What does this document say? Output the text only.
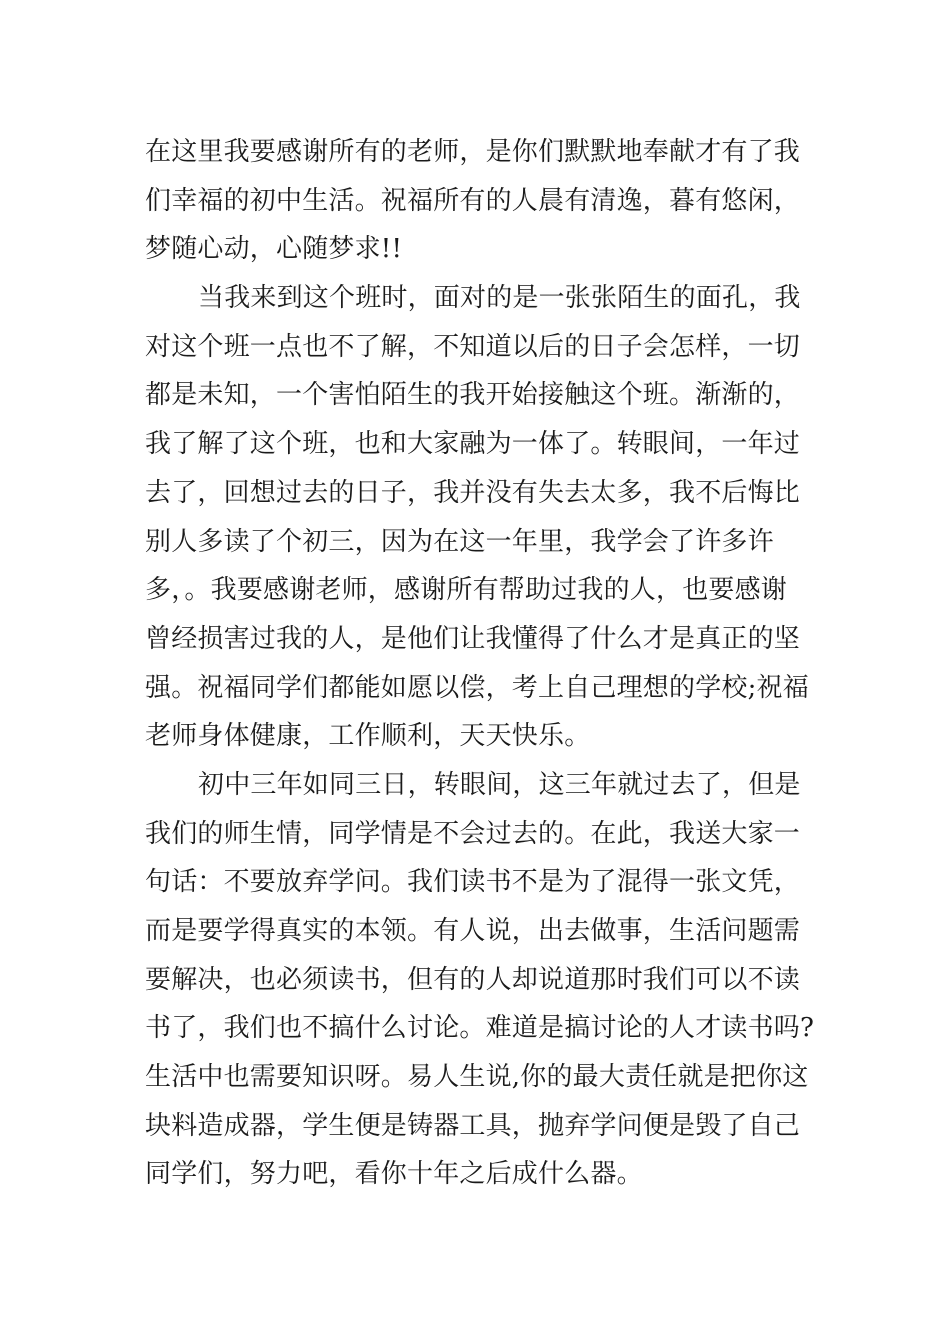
在这里我要感谢所有的老师，是你们默默地奉献才有了我
们幸福的初中生活。祝福所有的人晨有清逸，暮有悠闲，
梦随心动，心随梦求!!
当我来到这个班时，面对的是一张张陌生的面孔，我
对这个班一点也不了解，不知道以后的日子会怎样，一切
都是未知，一个害怕陌生的我开始接触这个班。渐渐的，
我了解了这个班，也和大家融为一体了。转眼间，一年过
去了，回想过去的日子，我并没有失去太多，我不后悔比
别人多读了个初三，因为在这一年里，我学会了许多许
多，。我要感谢老师，感谢所有帮助过我的人，也要感谢
曾经损害过我的人，是他们让我懂得了什么才是真正的坚
强。祝福同学们都能如愿以偿，考上自己理想的学校;祝福
老师身体健康，工作顺利，天天快乐。
初中三年如同三日，转眼间，这三年就过去了，但是
我们的师生情，同学情是不会过去的。在此，我送大家一
句话：不要放弃学问。我们读书不是为了混得一张文凭，
而是要学得真实的本领。有人说，出去做事，生活问题需
要解决，也必须读书，但有的人却说道那时我们可以不读
书了，我们也不搞什么讨论。难道是搞讨论的人才读书吗?
生活中也需要知识呀。易人生说,你的最大责任就是把你这
块料造成器，学生便是铸器工具，抛弃学问便是毁了自己
同学们，努力吧，看你十年之后成什么器。
